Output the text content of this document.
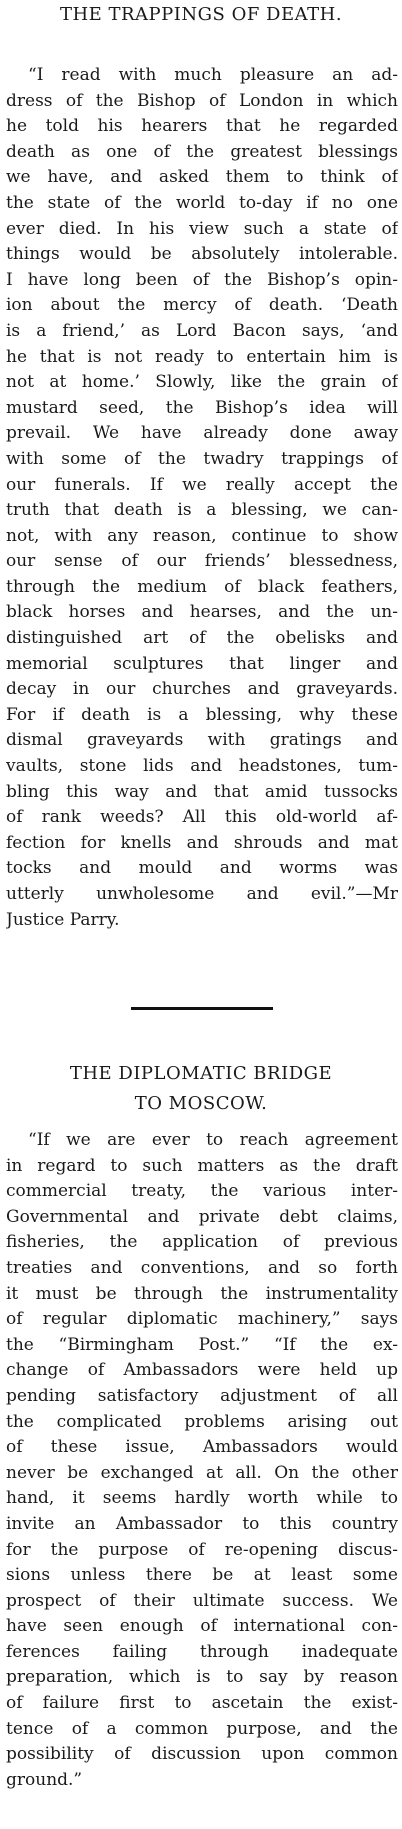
THE TRAPPINGS OF DEATH.
“I read with much pleasure an ad-
dress of the Bishop of London in which
he told his hearers that he regarded
death as one of the greatest blessings
we have, and asked them to think of
the state of the world to-day if no one
ever died. In his view such a state of
things would be absolutely intolerable.
I have long been of the Bishop’s opin-
ion about the mercy of death. ‘Death
is a friend,’ as Lord Bacon says, ‘and
he that is not ready to entertain him is
not at home.’ Slowly, like the grain of
mustard seed, the Bishop’s idea will
prevail. We have already done away
with some of the twadry trappings of
our funerals. If we really accept the
truth that death is a blessing, we can-
not, with any reason, continue to show
our sense of our friends’ blessedness,
through the medium of black feathers,
black horses and hearses, and the un-
distinguished art of the obelisks and
memorial sculptures that linger and
decay in our churches and graveyards.
For if death is a blessing, why these
dismal graveyards with gratings and
vaults, stone lids and headstones, tum-
bling this way and that amid tussocks
of rank weeds? All this old-world af-
fection for knells and shrouds and mat
tocks and mould and worms was
utterly unwholesome and evil.”—Mr
Justice Parry.
THE DIPLOMATIC BRIDGE
TO MOSCOW.
“If we are ever to reach agreement
in regard to such matters as the draft
commercial treaty, the various inter-
Governmental and private debt claims,
fisheries, the application of previous
treaties and conventions, and so forth
it must be through the instrumentality
of regular diplomatic machinery,” says
the “Birmingham Post.” “If the ex-
change of Ambassadors were held up
pending satisfactory adjustment of all
the complicated problems arising out
of these issue, Ambassadors would
never be exchanged at all. On the other
hand, it seems hardly worth while to
invite an Ambassador to this country
for the purpose of re-opening discus-
sions unless there be at least some
prospect of their ultimate success. We
have seen enough of international con-
ferences failing through inadequate
preparation, which is to say by reason
of failure first to ascetain the exist-
tence of a common purpose, and the
possibility of discussion upon common
ground.”
